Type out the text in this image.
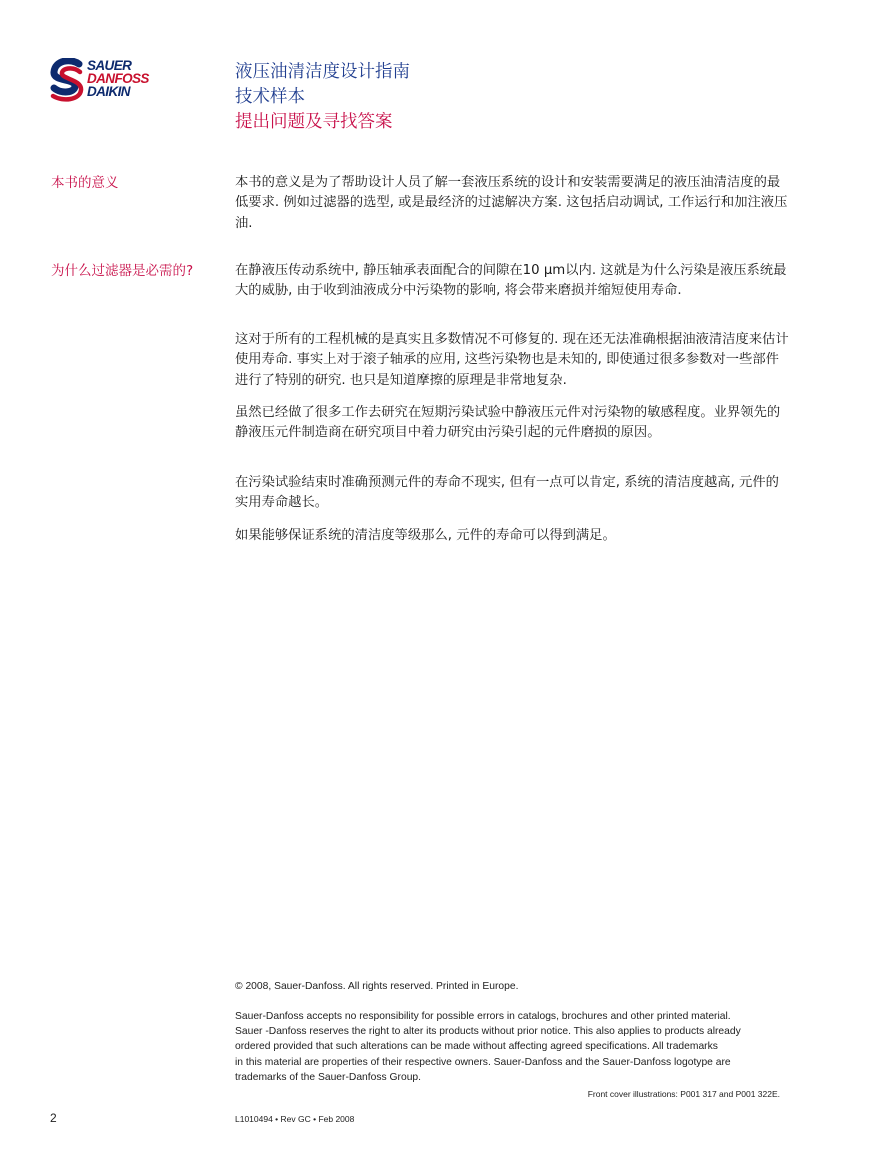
SAUER
DANFOSS
DAIKIN
液压油清洁度设计指南
技术样本
提出问题及寻找答案
本书的意义	本书的意义是为了帮助设计人员了解一套液压系统的设计和安装需要满足的液压油清洁度的最低要求. 例如过滤器的选型, 或是最经济的过滤解决方案. 这包括启动调试, 工作运行和加注液压油.

为什么过滤器是必需的?	在静液压传动系统中, 静压轴承表面配合的间隙在10 µm以内. 这就是为什么污染是液压系统最大的威胁, 由于收到油液成分中污染物的影响, 将会带来磨损并缩短使用寿命.

这对于所有的工程机械的是真实且多数情况不可修复的. 现在还无法准确根据油液清洁度来估计使用寿命. 事实上对于滚子轴承的应用, 这些污染物也是未知的, 即使通过很多参数对一些部件进行了特别的研究. 也只是知道摩擦的原理是非常地复杂.

虽然已经做了很多工作去研究在短期污染试验中静液压元件对污染物的敏感程度。业界领先的静液压元件制造商在研究项目中着力研究由污染引起的元件磨损的原因。

在污染试验结束时准确预测元件的寿命不现实, 但有一点可以肯定, 系统的清洁度越高, 元件的实用寿命越长。

如果能够保证系统的清洁度等级那么, 元件的寿命可以得到满足。

© 2008, Sauer-Danfoss. All rights reserved. Printed in Europe.
Sauer-Danfoss accepts no responsibility for possible errors in catalogs, brochures and other printed material.
Sauer -Danfoss reserves the right to alter its products without prior notice. This also applies to products already
ordered provided that such alterations can be made without affecting agreed specifications. All trademarks
in this material are properties of their respective owners. Sauer-Danfoss and the Sauer-Danfoss logotype are
trademarks of the Sauer-Danfoss Group.
Front cover illustrations: P001 317 and P001 322E.
2	L1010494 • Rev GC • Feb 2008
